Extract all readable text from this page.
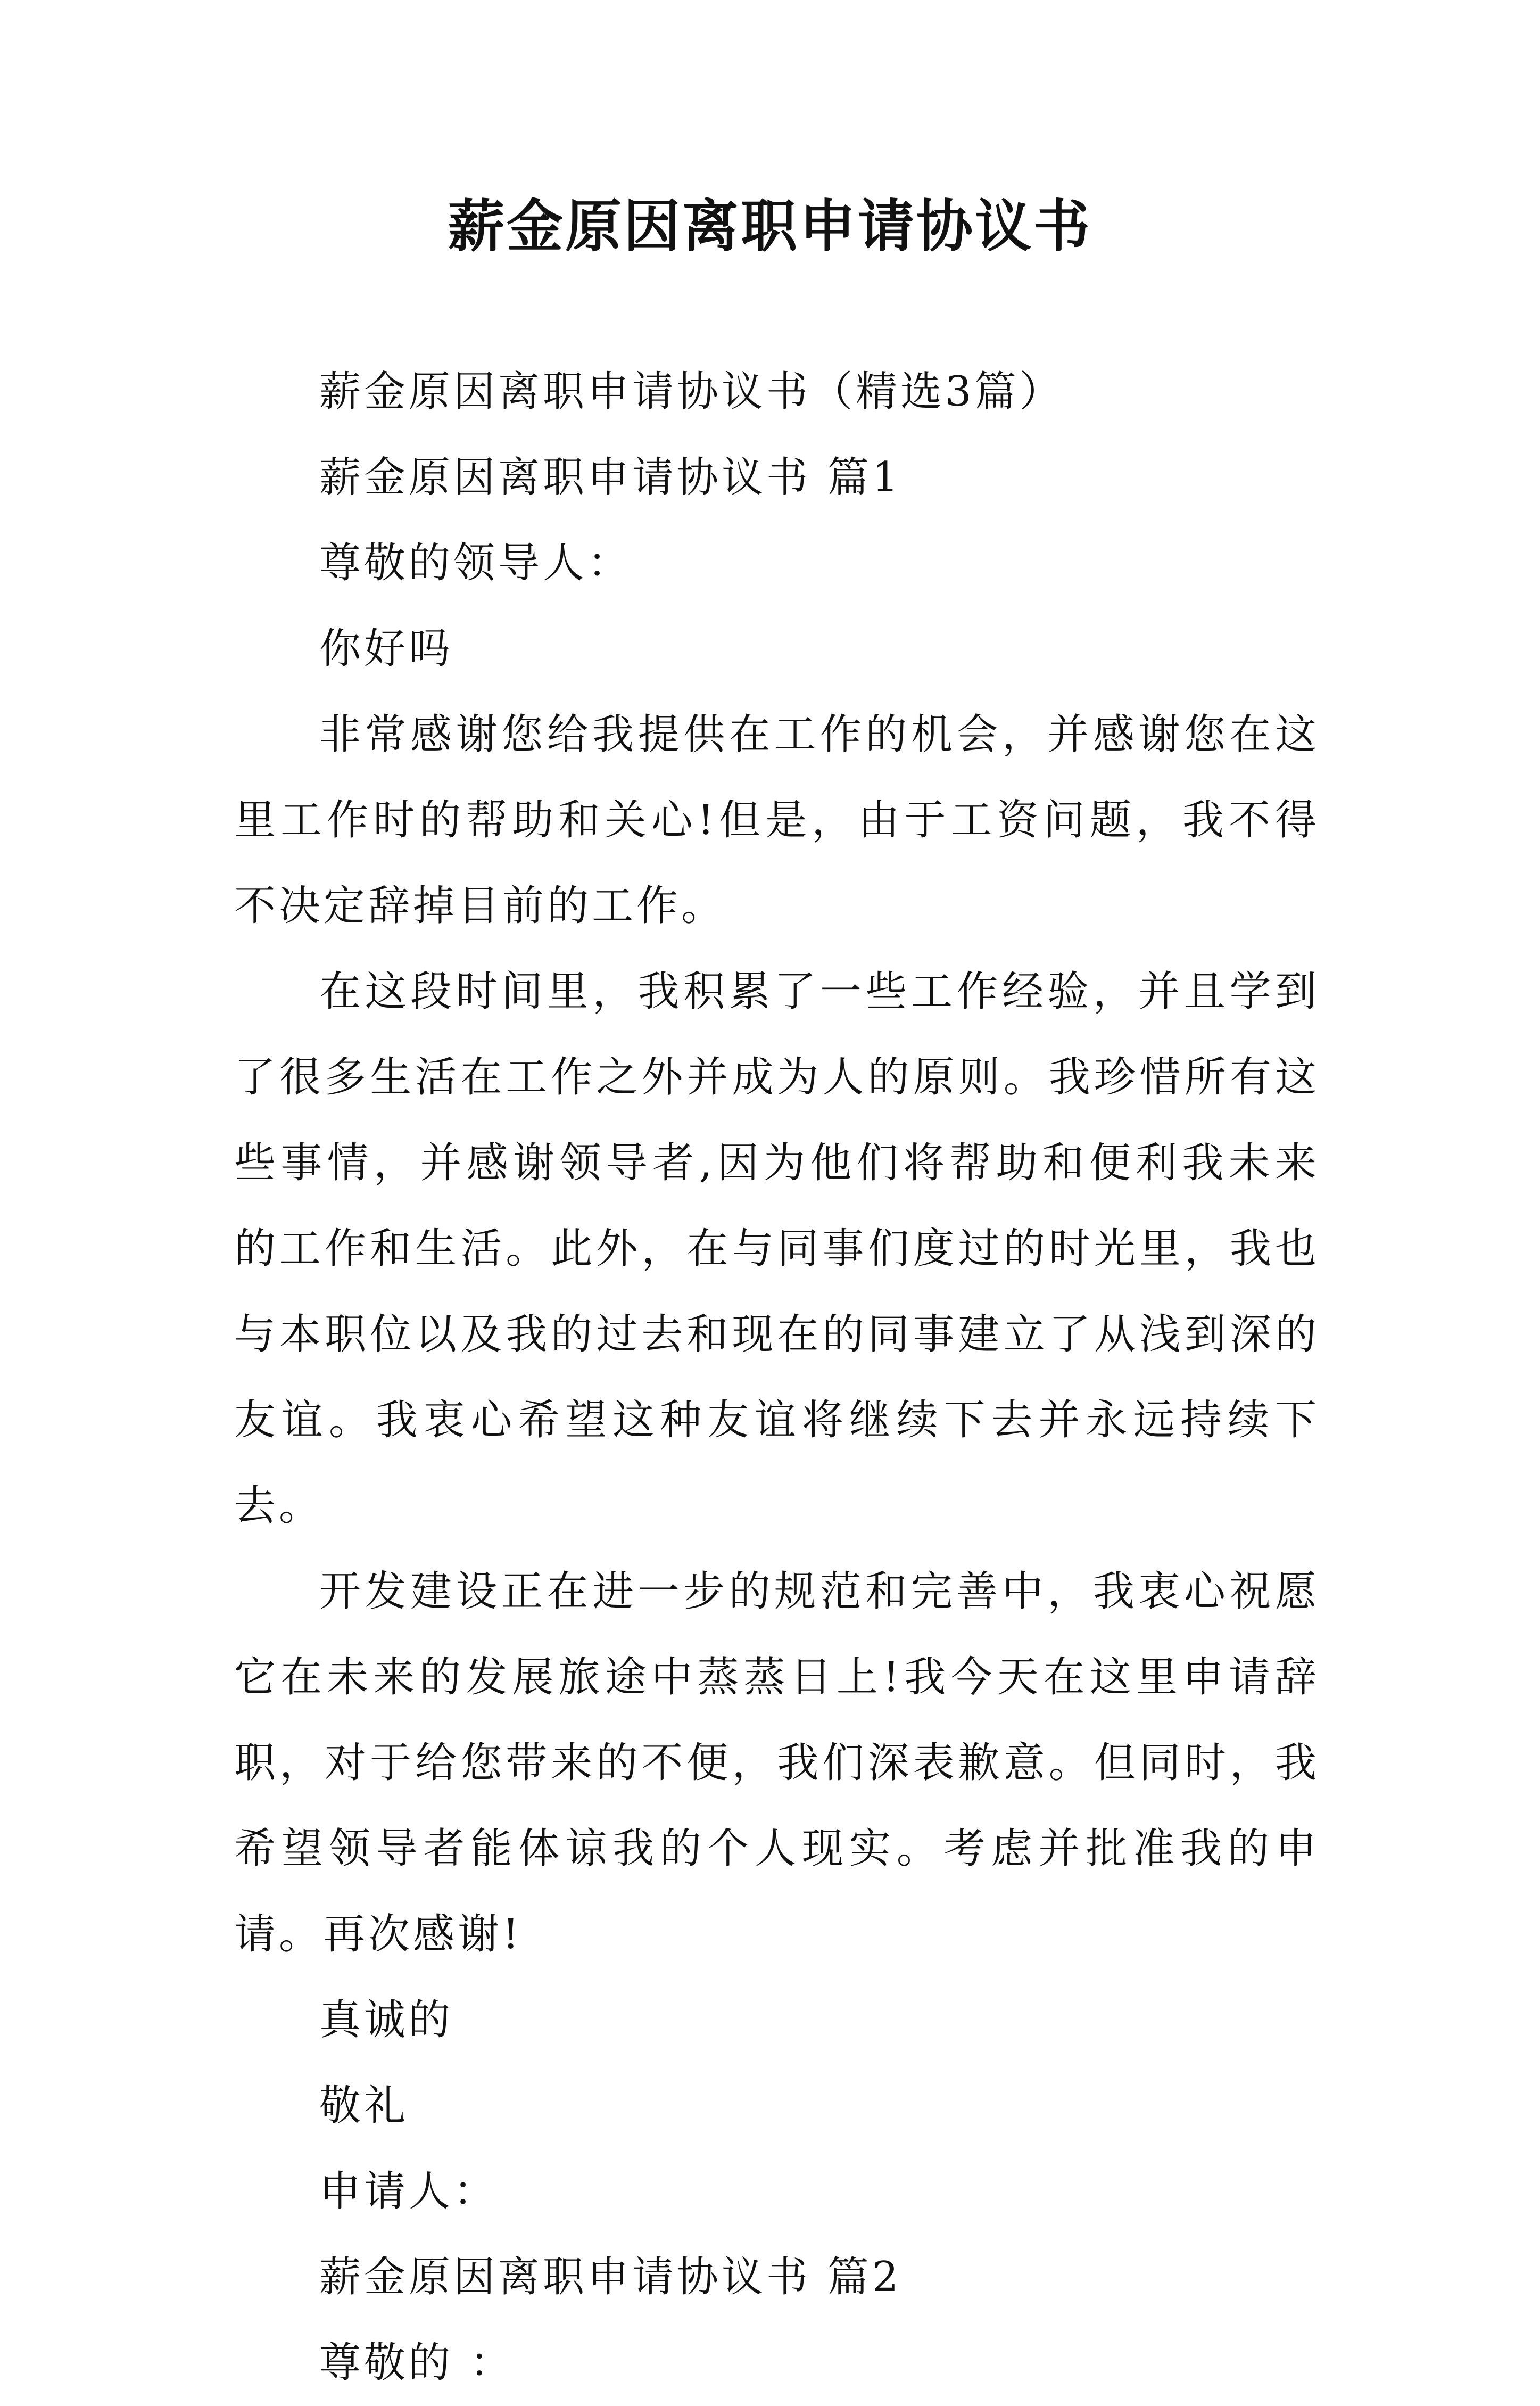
薪金原因离职申请协议书

薪金原因离职申请协议书（精选3篇）

薪金原因离职申请协议书 篇1

尊敬的领导人：

你好吗

非常感谢您给我提供在工作的机会，并感谢您在这里工作时的帮助和关心!但是，由于工资问题，我不得不决定辞掉目前的工作。

在这段时间里，我积累了一些工作经验，并且学到了很多生活在工作之外并成为人的原则。我珍惜所有这些事情，并感谢领导者,因为他们将帮助和便利我未来的工作和生活。此外，在与同事们度过的时光里，我也与本职位以及我的过去和现在的同事建立了从浅到深的友谊。我衷心希望这种友谊将继续下去并永远持续下去。

开发建设正在进一步的规范和完善中，我衷心祝愿它在未来的发展旅途中蒸蒸日上!我今天在这里申请辞职，对于给您带来的不便，我们深表歉意。但同时，我希望领导者能体谅我的个人现实。考虑并批准我的申请。再次感谢!

真诚的

敬礼

申请人：

薪金原因离职申请协议书 篇2

尊敬的 ：
